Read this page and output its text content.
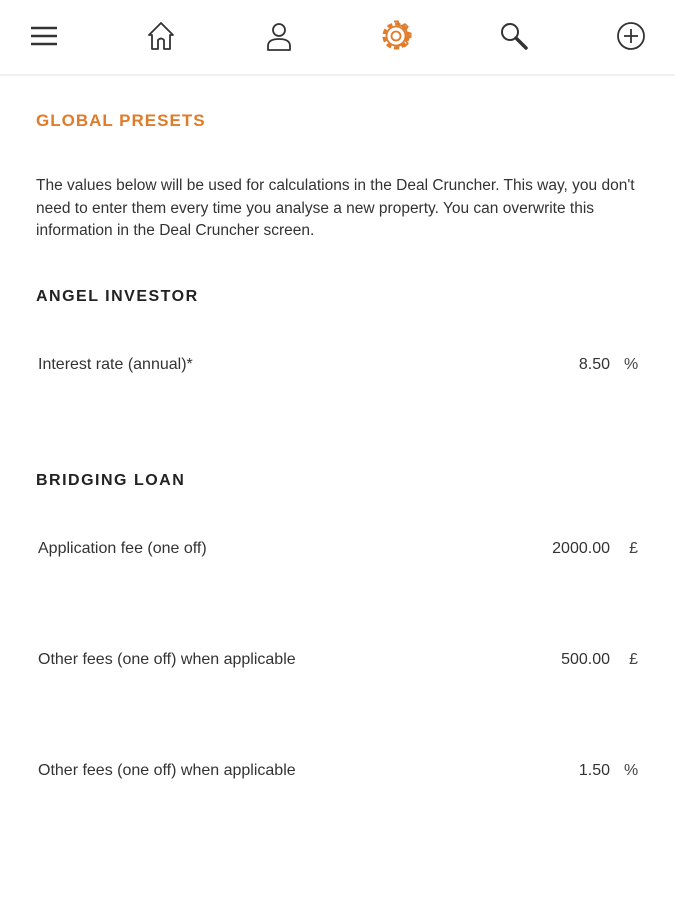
GLOBAL PRESETS
The values below will be used for calculations in the Deal Cruncher. This way, you don't need to enter them every time you analyse a new property. You can overwrite this information in the Deal Cruncher screen.
ANGEL INVESTOR
Interest rate (annual)*	8.50 %
BRIDGING LOAN
Application fee (one off)	2000.00	£
Other fees (one off) when applicable	500.00	£
Other fees (one off) when applicable	1.50 %
